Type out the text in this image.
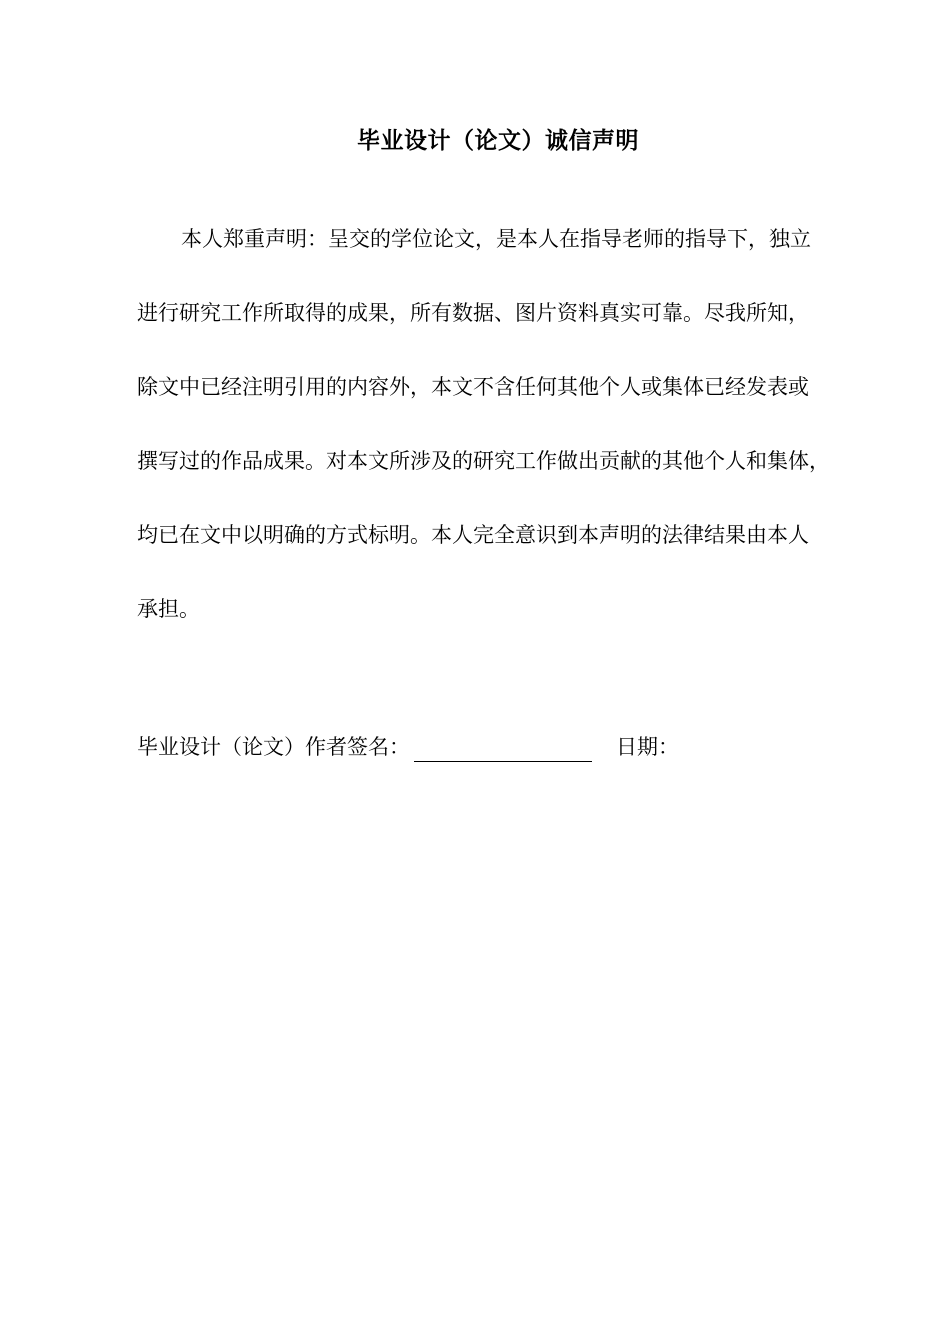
毕业设计（论文）诚信声明
本人郑重声明：呈交的学位论文，是本人在指导老师的指导下，独立
进行研究工作所取得的成果，所有数据、图片资料真实可靠。尽我所知，
除文中已经注明引用的内容外，本文不含任何其他个人或集体已经发表或
撰写过的作品成果。对本文所涉及的研究工作做出贡献的其他个人和集体，
均已在文中以明确的方式标明。本人完全意识到本声明的法律结果由本人
承担。
毕业设计（论文）作者签名：	日期：
